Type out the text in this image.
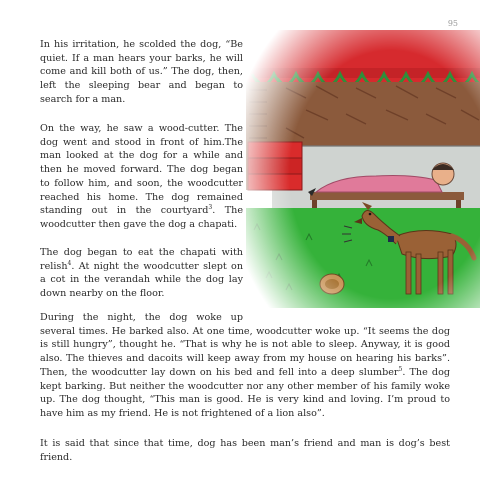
95

In his irritation, he scolded the dog, “Be quiet. If a man hears your barks, he will come and kill both of us.” The dog, then, left the sleeping bear and began to search for a man.

On the way, he saw a wood-cutter. The dog went and stood in front of him.The man looked at the dog for a while and then he moved forward. The dog began to follow him, and soon, the woodcutter reached his home. The dog remained standing out in the courtyard$^3$. The woodcutter then gave the dog a chapati.

The dog began to eat the chapati with relish$^4$. At night the woodcutter slept on a cot in the verandah while the dog lay down nearby on the floor.

During the night, the dog woke up
several times. He barked also. At one time, woodcutter woke up. “It seems the dog is still hungry”, thought he. “That is why he is not able to sleep. Anyway, it is good also. The thieves and dacoits will keep away from my house on hearing his barks”. Then, the woodcutter lay down on his bed and fell into a deep slumber$^5$. The dog kept barking. But neither the woodcutter nor any other member of his family woke up. The dog thought, “This man is good. He is very kind and loving. I’m proud to have him as my friend. He is not frightened of a lion also”.

It is said that since that time, dog has been man’s friend and man is dog’s best friend.
